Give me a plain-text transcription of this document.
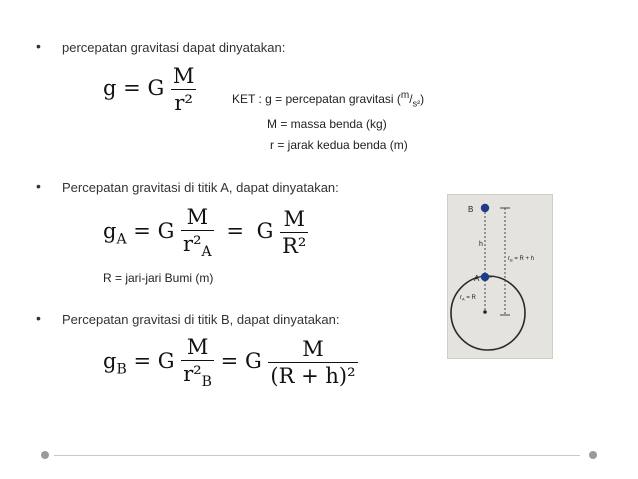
• percepatan gravitasi dapat dinyatakan:
g = G $\frac{M}{\text{r²}}$	KET : g = percepatan gravitasi $(^m/_{s^2})$
M = massa benda (kg)
r = jarak kedua benda (m)
• Percepatan gravitasi di titik A, dapat dinyatakan:
$g_A = G \frac{M}{r^2_A} = G \frac{M}{\text{R²}}$
R = jari-jari Bumi (m)
B
A
h
$r_B = R + h$
$r_A = R$
• Percepatan gravitasi di titik B, dapat dinyatakan:
$g_B = G \frac{M}{r^2_B} = G \frac{M}{\text{(R + h)²}}$
